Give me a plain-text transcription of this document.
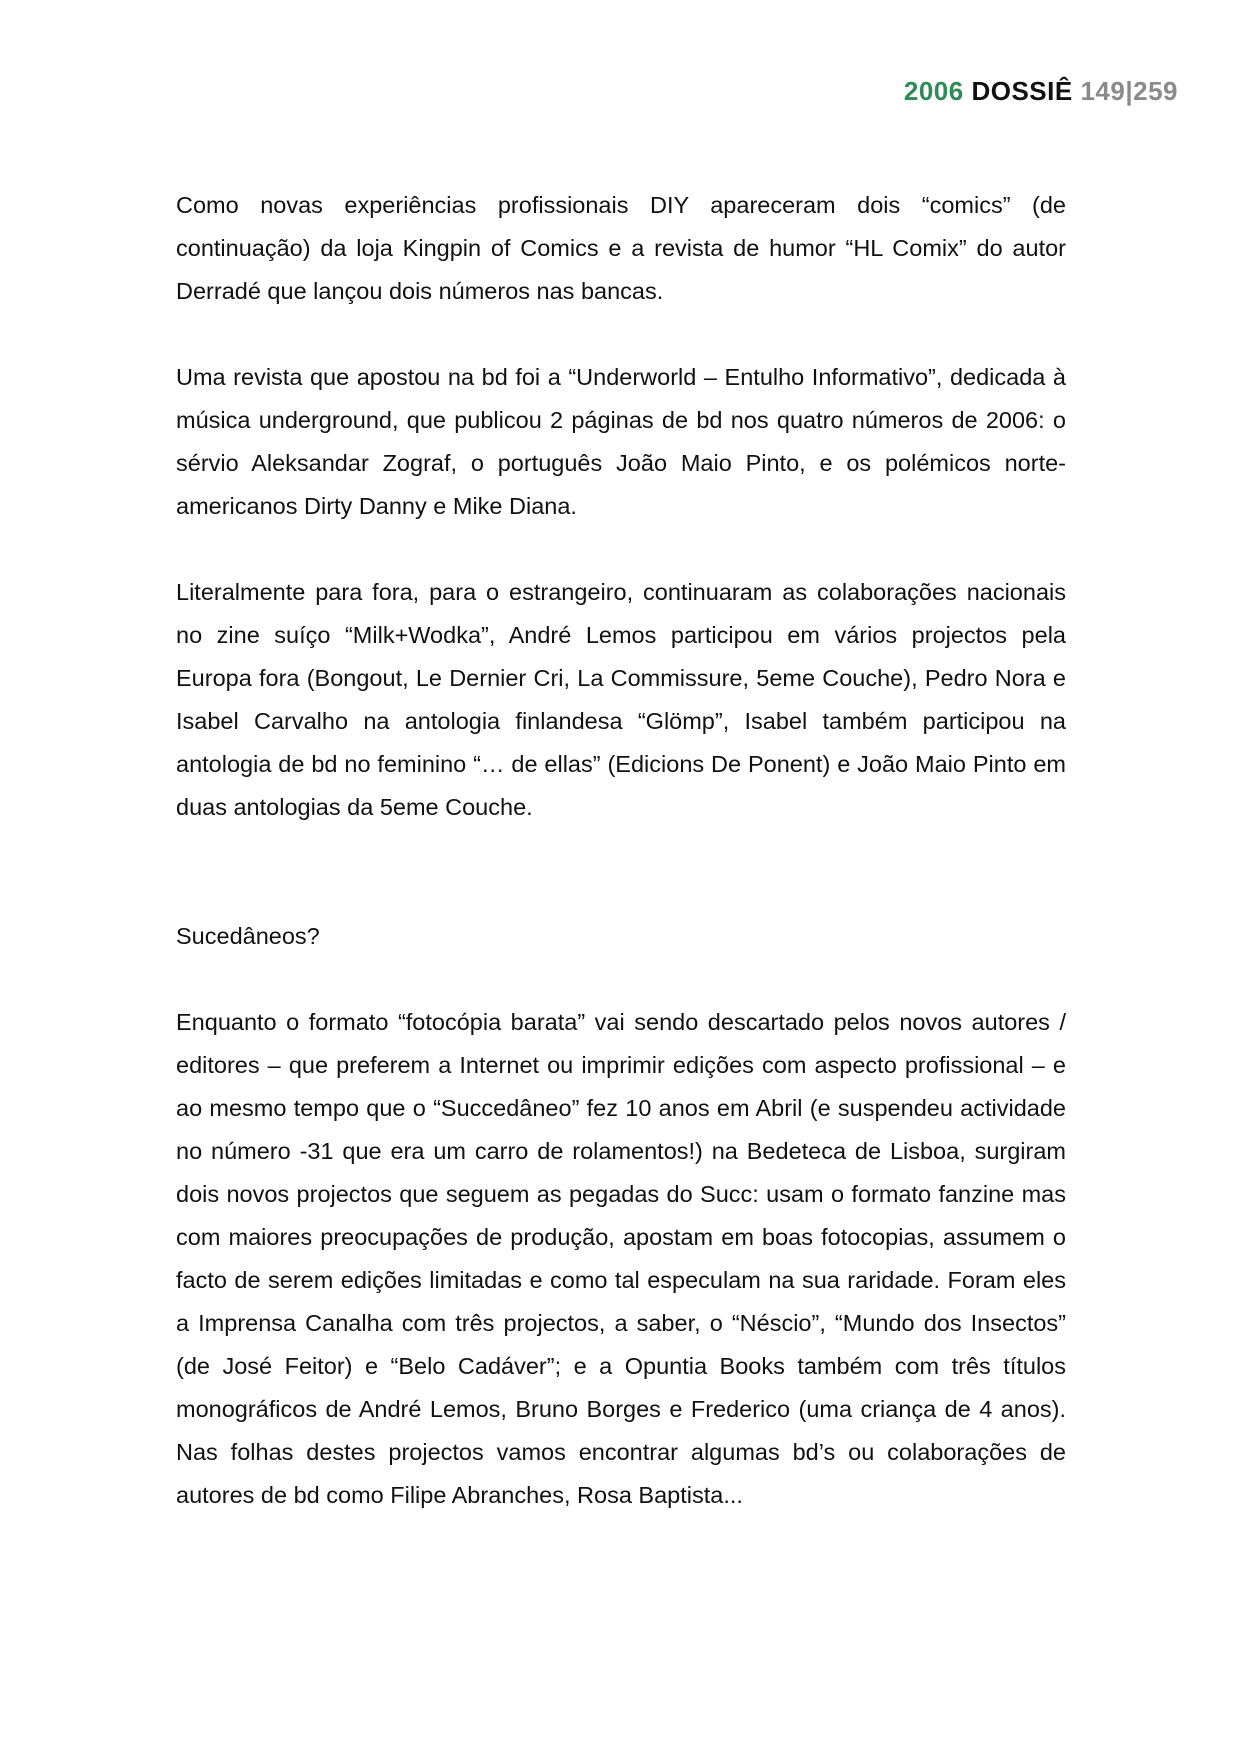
2006 DOSSIÊ 149|259

Como novas experiências profissionais DIY apareceram dois “comics” (de continuação) da loja Kingpin of Comics e a revista de humor “HL Comix” do autor Derradé que lançou dois números nas bancas.

Uma revista que apostou na bd foi a “Underworld – Entulho Informativo”, dedicada à música underground, que publicou 2 páginas de bd nos quatro números de 2006: o sérvio Aleksandar Zograf, o português João Maio Pinto, e os polémicos norte-americanos Dirty Danny e Mike Diana.

Literalmente para fora, para o estrangeiro, continuaram as colaborações nacionais no zine suíço “Milk+Wodka”, André Lemos participou em vários projectos pela Europa fora (Bongout, Le Dernier Cri, La Commissure, 5eme Couche), Pedro Nora e Isabel Carvalho na antologia finlandesa “Glömp”, Isabel também participou na antologia de bd no feminino “… de ellas” (Edicions De Ponent) e João Maio Pinto em duas antologias da 5eme Couche.

Sucedâneos?

Enquanto o formato “fotocópia barata” vai sendo descartado pelos novos autores / editores – que preferem a Internet ou imprimir edições com aspecto profissional – e ao mesmo tempo que o “Succedâneo” fez 10 anos em Abril (e suspendeu actividade no número -31 que era um carro de rolamentos!) na Bedeteca de Lisboa, surgiram dois novos projectos que seguem as pegadas do Succ: usam o formato fanzine mas com maiores preocupações de produção, apostam em boas fotocopias, assumem o facto de serem edições limitadas e como tal especulam na sua raridade. Foram eles a Imprensa Canalha com três projectos, a saber, o “Néscio”, “Mundo dos Insectos” (de José Feitor) e “Belo Cadáver”; e a Opuntia Books também com três títulos monográficos de André Lemos, Bruno Borges e Frederico (uma criança de 4 anos). Nas folhas destes projectos vamos encontrar algumas bd’s ou colaborações de autores de bd como Filipe Abranches, Rosa Baptista...
